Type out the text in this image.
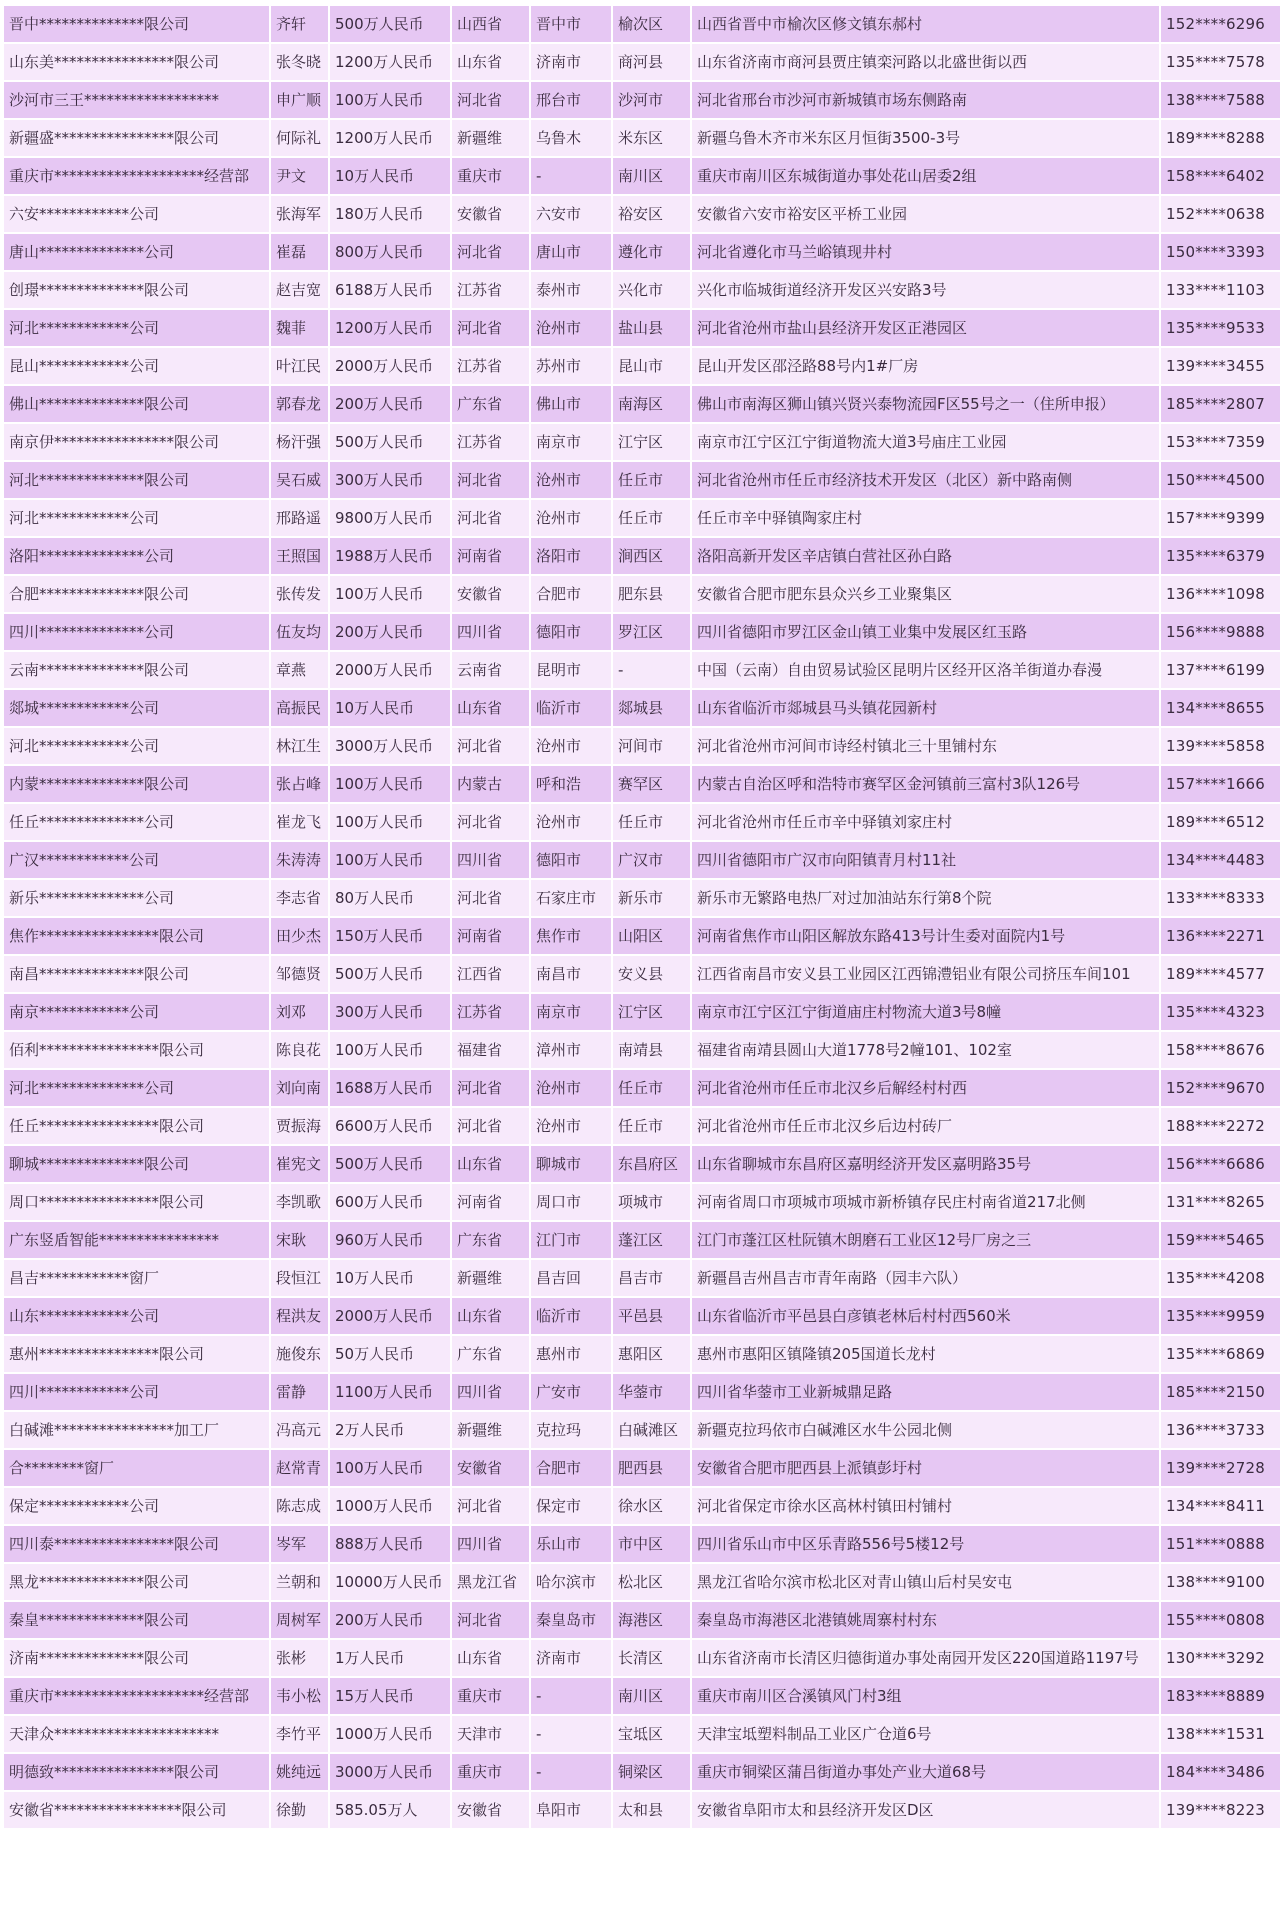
晋中**************限公司	齐轩	500万人民币	山西省	晋中市	榆次区	山西省晋中市榆次区修文镇东郝村	152****6296
山东美****************限公司	张冬晓	1200万人民币	山东省	济南市	商河县	山东省济南市商河县贾庄镇栾河路以北盛世街以西	135****7578
沙河市三王******************	申广顺	100万人民币	河北省	邢台市	沙河市	河北省邢台市沙河市新城镇市场东侧路南	138****7588
新疆盛****************限公司	何际礼	1200万人民币	新疆维	乌鲁木	米东区	新疆乌鲁木齐市米东区月恒街3500-3号	189****8288
重庆市********************经营部	尹文	10万人民币	重庆市	-	南川区	重庆市南川区东城街道办事处花山居委2组	158****6402
六安************公司	张海军	180万人民币	安徽省	六安市	裕安区	安徽省六安市裕安区平桥工业园	152****0638
唐山**************公司	崔磊	800万人民币	河北省	唐山市	遵化市	河北省遵化市马兰峪镇现井村	150****3393
创璟**************限公司	赵吉宽	6188万人民币	江苏省	泰州市	兴化市	兴化市临城街道经济开发区兴安路3号	133****1103
河北************公司	魏菲	1200万人民币	河北省	沧州市	盐山县	河北省沧州市盐山县经济开发区正港园区	135****9533
昆山************公司	叶江民	2000万人民币	江苏省	苏州市	昆山市	昆山开发区邵泾路88号内1#厂房	139****3455
佛山**************限公司	郭春龙	200万人民币	广东省	佛山市	南海区	佛山市南海区狮山镇兴贤兴泰物流园F区55号之一（住所申报）	185****2807
南京伊****************限公司	杨汗强	500万人民币	江苏省	南京市	江宁区	南京市江宁区江宁街道物流大道3号庙庄工业园	153****7359
河北**************限公司	吴石威	300万人民币	河北省	沧州市	任丘市	河北省沧州市任丘市经济技术开发区（北区）新中路南侧	150****4500
河北************公司	邢路遥	9800万人民币	河北省	沧州市	任丘市	任丘市辛中驿镇陶家庄村	157****9399
洛阳**************公司	王照国	1988万人民币	河南省	洛阳市	涧西区	洛阳高新开发区辛店镇白营社区孙白路	135****6379
合肥**************限公司	张传发	100万人民币	安徽省	合肥市	肥东县	安徽省合肥市肥东县众兴乡工业聚集区	136****1098
四川**************公司	伍友均	200万人民币	四川省	德阳市	罗江区	四川省德阳市罗江区金山镇工业集中发展区红玉路	156****9888
云南**************限公司	章燕	2000万人民币	云南省	昆明市	-	中国（云南）自由贸易试验区昆明片区经开区洛羊街道办春漫	137****6199
郯城************公司	高振民	10万人民币	山东省	临沂市	郯城县	山东省临沂市郯城县马头镇花园新村	134****8655
河北************公司	林江生	3000万人民币	河北省	沧州市	河间市	河北省沧州市河间市诗经村镇北三十里铺村东	139****5858
内蒙**************限公司	张占峰	100万人民币	内蒙古	呼和浩	赛罕区	内蒙古自治区呼和浩特市赛罕区金河镇前三富村3队126号	157****1666
任丘**************公司	崔龙飞	100万人民币	河北省	沧州市	任丘市	河北省沧州市任丘市辛中驿镇刘家庄村	189****6512
广汉************公司	朱涛涛	100万人民币	四川省	德阳市	广汉市	四川省德阳市广汉市向阳镇青月村11社	134****4483
新乐**************公司	李志省	80万人民币	河北省	石家庄市	新乐市	新乐市无繁路电热厂对过加油站东行第8个院	133****8333
焦作****************限公司	田少杰	150万人民币	河南省	焦作市	山阳区	河南省焦作市山阳区解放东路413号计生委对面院内1号	136****2271
南昌**************限公司	邹德贤	500万人民币	江西省	南昌市	安义县	江西省南昌市安义县工业园区江西锦澧铝业有限公司挤压车间101	189****4577
南京************公司	刘邓	300万人民币	江苏省	南京市	江宁区	南京市江宁区江宁街道庙庄村物流大道3号8幢	135****4323
佰利****************限公司	陈良花	100万人民币	福建省	漳州市	南靖县	福建省南靖县圆山大道1778号2幢101、102室	158****8676
河北**************公司	刘向南	1688万人民币	河北省	沧州市	任丘市	河北省沧州市任丘市北汉乡后解经村村西	152****9670
任丘****************限公司	贾振海	6600万人民币	河北省	沧州市	任丘市	河北省沧州市任丘市北汉乡后边村砖厂	188****2272
聊城**************限公司	崔宪文	500万人民币	山东省	聊城市	东昌府区	山东省聊城市东昌府区嘉明经济开发区嘉明路35号	156****6686
周口****************限公司	李凯歌	600万人民币	河南省	周口市	项城市	河南省周口市项城市项城市新桥镇存民庄村南省道217北侧	131****8265
广东竖盾智能****************	宋耿	960万人民币	广东省	江门市	蓬江区	江门市蓬江区杜阮镇木朗磨石工业区12号厂房之三	159****5465
昌吉************窗厂	段恒江	10万人民币	新疆维	昌吉回	昌吉市	新疆昌吉州昌吉市青年南路（园丰六队）	135****4208
山东************公司	程洪友	2000万人民币	山东省	临沂市	平邑县	山东省临沂市平邑县白彦镇老林后村村西560米	135****9959
惠州****************限公司	施俊东	50万人民币	广东省	惠州市	惠阳区	惠州市惠阳区镇隆镇205国道长龙村	135****6869
四川************公司	雷静	1100万人民币	四川省	广安市	华蓥市	四川省华蓥市工业新城鼎足路	185****2150
白碱滩****************加工厂	冯高元	2万人民币	新疆维	克拉玛	白碱滩区	新疆克拉玛依市白碱滩区水牛公园北侧	136****3733
合********窗厂	赵常青	100万人民币	安徽省	合肥市	肥西县	安徽省合肥市肥西县上派镇彭圩村	139****2728
保定************公司	陈志成	1000万人民币	河北省	保定市	徐水区	河北省保定市徐水区高林村镇田村铺村	134****8411
四川泰****************限公司	岑军	888万人民币	四川省	乐山市	市中区	四川省乐山市中区乐青路556号5楼12号	151****0888
黑龙**************限公司	兰朝和	10000万人民币	黑龙江省	哈尔滨市	松北区	黑龙江省哈尔滨市松北区对青山镇山后村吴安屯	138****9100
秦皇**************限公司	周树军	200万人民币	河北省	秦皇岛市	海港区	秦皇岛市海港区北港镇姚周寨村村东	155****0808
济南**************限公司	张彬	1万人民币	山东省	济南市	长清区	山东省济南市长清区归德街道办事处南园开发区220国道路1197号	130****3292
重庆市********************经营部	韦小松	15万人民币	重庆市	-	南川区	重庆市南川区合溪镇风门村3组	183****8889
天津众**********************	李竹平	1000万人民币	天津市	-	宝坻区	天津宝坻塑料制品工业区广仓道6号	138****1531
明德致****************限公司	姚纯远	3000万人民币	重庆市	-	铜梁区	重庆市铜梁区蒲吕街道办事处产业大道68号	184****3486
安徽省*****************限公司	徐勤	585.05万人	安徽省	阜阳市	太和县	安徽省阜阳市太和县经济开发区D区	139****8223
